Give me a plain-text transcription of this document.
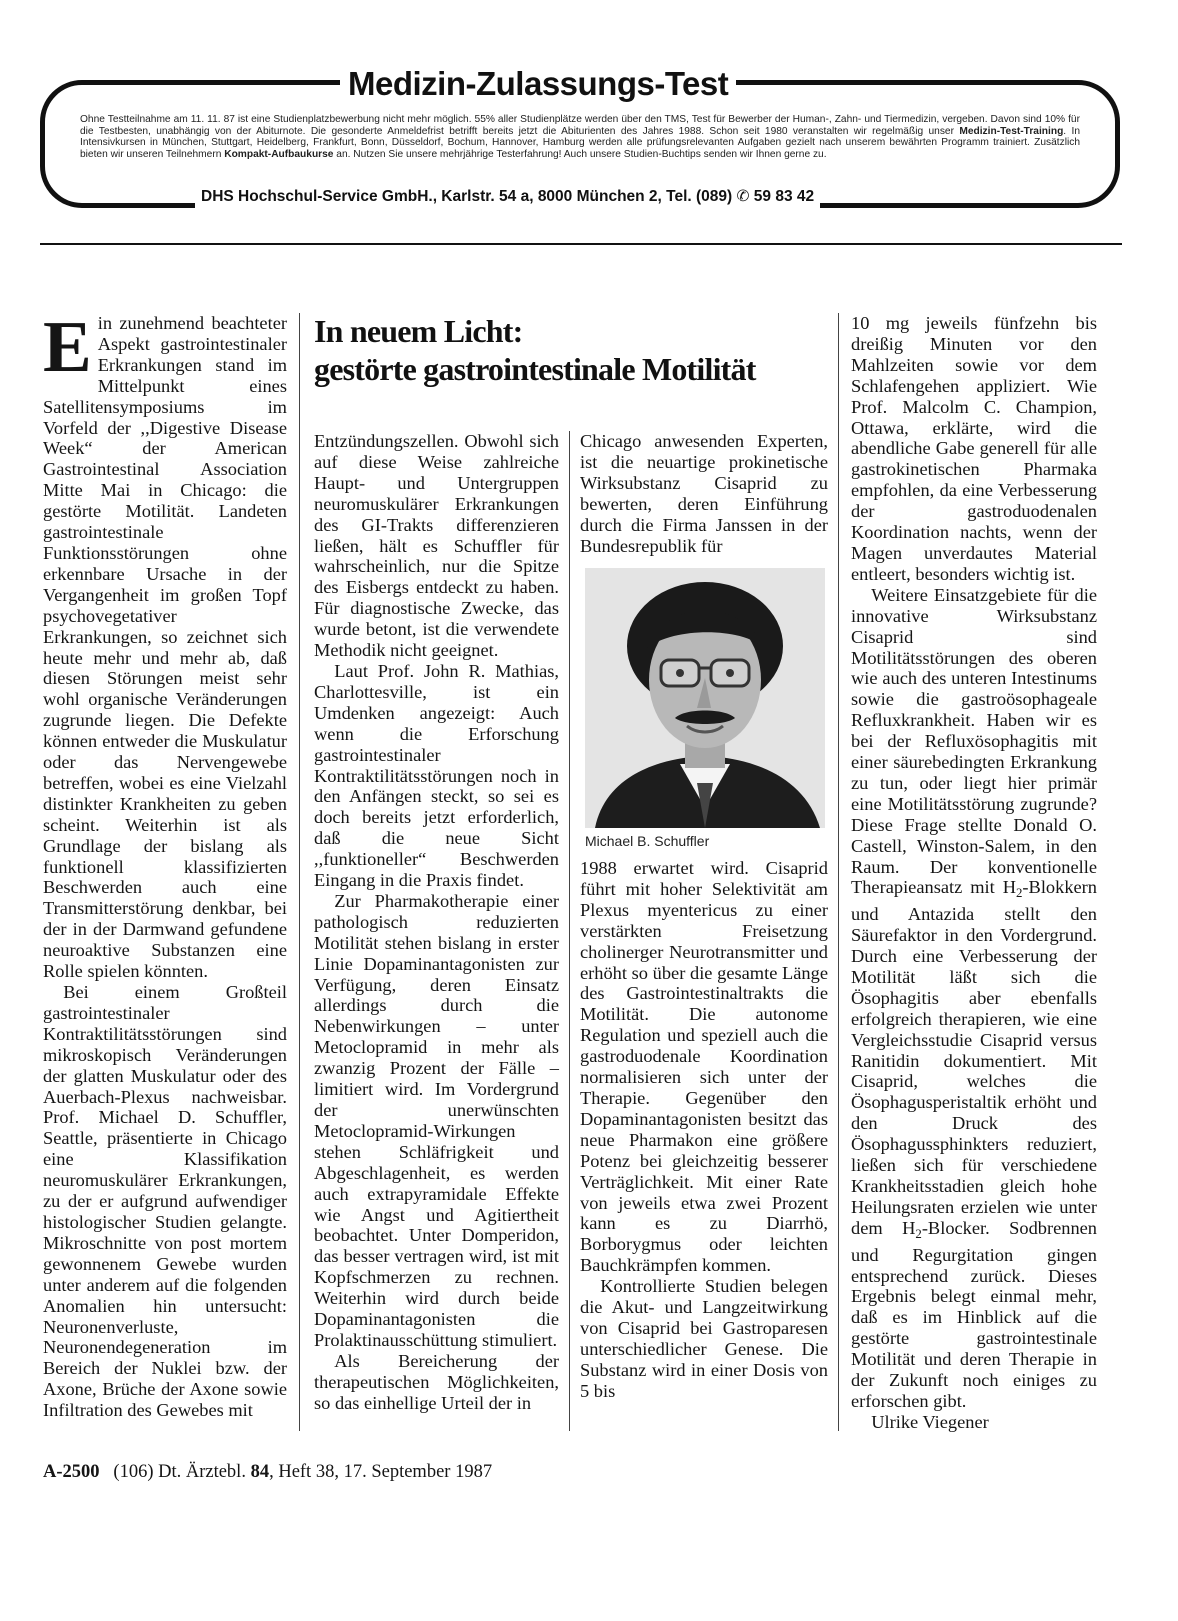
Medizin-Zulassungs-Test

Ohne Testteilnahme am 11. 11. 87 ist eine Studienplatzbewerbung nicht mehr möglich. 55% aller Studienplätze werden über den TMS, Test für Bewerber der Human-, Zahn- und Tiermedizin, vergeben. Davon sind 10% für die Testbesten, unabhängig von der Abiturnote. Die gesonderte Anmeldefrist betrifft bereits jetzt die Abiturienten des Jahres 1988. Schon seit 1980 veranstalten wir regelmäßig unser Medizin-Test-Training. In Intensivkursen in München, Stuttgart, Heidelberg, Frankfurt, Bonn, Düsseldorf, Bochum, Hannover, Hamburg werden alle prüfungsrelevanten Aufgaben gezielt nach unserem bewährten Programm trainiert. Zusätzlich bieten wir unseren Teilnehmern Kompakt-Aufbaukurse an. Nutzen Sie unsere mehrjährige Testerfahrung! Auch unsere Studien-Buchtips senden wir Ihnen gerne zu.

DHS Hochschul-Service GmbH., Karlstr. 54 a, 8000 München 2, Tel. (089) ✆ 59 83 42

Ein zunehmend beachteter Aspekt gastrointestinaler Erkrankungen stand im Mittelpunkt eines Satellitensymposiums im Vorfeld der ,,Digestive Disease Week“ der American Gastrointestinal Association Mitte Mai in Chicago: die gestörte Motilität. Landeten gastrointestinale Funktionsstörungen ohne erkennbare Ursache in der Vergangenheit im großen Topf psychovegetativer Erkrankungen, so zeichnet sich heute mehr und mehr ab, daß diesen Störungen meist sehr wohl organische Veränderungen zugrunde liegen. Die Defekte können entweder die Muskulatur oder das Nervengewebe betreffen, wobei es eine Vielzahl distinkter Krankheiten zu geben scheint. Weiterhin ist als Grundlage der bislang als funktionell klassifizierten Beschwerden auch eine Transmitterstörung denkbar, bei der in der Darmwand gefundene neuroaktive Substanzen eine Rolle spielen könnten.

Bei einem Großteil gastrointestinaler Kontraktilitätsstörungen sind mikroskopisch Veränderungen der glatten Muskulatur oder des Auerbach-Plexus nachweisbar. Prof. Michael D. Schuffler, Seattle, präsentierte in Chicago eine Klassifikation neuromuskulärer Erkrankungen, zu der er aufgrund aufwendiger histologischer Studien gelangte. Mikroschnitte von post mortem gewonnenem Gewebe wurden unter anderem auf die folgenden Anomalien hin untersucht: Neuronenverluste, Neuronendegeneration im Bereich der Nuklei bzw. der Axone, Brüche der Axone sowie Infiltration des Gewebes mit

In neuem Licht:
gestörte gastrointestinale Motilität

Entzündungszellen. Obwohl sich auf diese Weise zahlreiche Haupt- und Untergruppen neuromuskulärer Erkrankungen des GI-Trakts differenzieren ließen, hält es Schuffler für wahrscheinlich, nur die Spitze des Eisbergs entdeckt zu haben. Für diagnostische Zwecke, das wurde betont, ist die verwendete Methodik nicht geeignet.

Laut Prof. John R. Mathias, Charlottesville, ist ein Umdenken angezeigt: Auch wenn die Erforschung gastrointestinaler Kontraktilitätsstörungen noch in den Anfängen steckt, so sei es doch bereits jetzt erforderlich, daß die neue Sicht ,,funktioneller“ Beschwerden Eingang in die Praxis findet.

Zur Pharmakotherapie einer pathologisch reduzierten Motilität stehen bislang in erster Linie Dopaminantagonisten zur Verfügung, deren Einsatz allerdings durch die Nebenwirkungen – unter Metoclopramid in mehr als zwanzig Prozent der Fälle – limitiert wird. Im Vordergrund der unerwünschten Metoclopramid-Wirkungen stehen Schläfrigkeit und Abgeschlagenheit, es werden auch extrapyramidale Effekte wie Angst und Agitiertheit beobachtet. Unter Domperidon, das besser vertragen wird, ist mit Kopfschmerzen zu rechnen. Weiterhin wird durch beide Dopaminantagonisten die Prolaktinausschüttung stimuliert.

Als Bereicherung der therapeutischen Möglichkeiten, so das einhellige Urteil der in

Chicago anwesenden Experten, ist die neuartige prokinetische Wirksubstanz Cisaprid zu bewerten, deren Einführung durch die Firma Janssen in der Bundesrepublik für

Michael B. Schuffler

1988 erwartet wird. Cisaprid führt mit hoher Selektivität am Plexus myentericus zu einer verstärkten Freisetzung cholinerger Neurotransmitter und erhöht so über die gesamte Länge des Gastrointestinaltrakts die Motilität. Die autonome Regulation und speziell auch die gastroduodenale Koordination normalisieren sich unter der Therapie. Gegenüber den Dopaminantagonisten besitzt das neue Pharmakon eine größere Potenz bei gleichzeitig besserer Verträglichkeit. Mit einer Rate von jeweils etwa zwei Prozent kann es zu Diarrhö, Borborygmus oder leichten Bauchkrämpfen kommen.

Kontrollierte Studien belegen die Akut- und Langzeitwirkung von Cisaprid bei Gastroparesen unterschiedlicher Genese. Die Substanz wird in einer Dosis von 5 bis

10 mg jeweils fünfzehn bis dreißig Minuten vor den Mahlzeiten sowie vor dem Schlafengehen appliziert. Wie Prof. Malcolm C. Champion, Ottawa, erklärte, wird die abendliche Gabe generell für alle gastrokinetischen Pharmaka empfohlen, da eine Verbesserung der gastroduodenalen Koordination nachts, wenn der Magen unverdautes Material entleert, besonders wichtig ist.

Weitere Einsatzgebiete für die innovative Wirksubstanz Cisaprid sind Motilitätsstörungen des oberen wie auch des unteren Intestinums sowie die gastroösophageale Refluxkrankheit. Haben wir es bei der Refluxösophagitis mit einer säurebedingten Erkrankung zu tun, oder liegt hier primär eine Motilitätsstörung zugrunde? Diese Frage stellte Donald O. Castell, Winston-Salem, in den Raum. Der konventionelle Therapieansatz mit $H_2$-Blokkern und Antazida stellt den Säurefaktor in den Vordergrund. Durch eine Verbesserung der Motilität läßt sich die Ösophagitis aber ebenfalls erfolgreich therapieren, wie eine Vergleichsstudie Cisaprid versus Ranitidin dokumentiert. Mit Cisaprid, welches die Ösophagusperistaltik erhöht und den Druck des Ösophagussphinkters reduziert, ließen sich für verschiedene Krankheitsstadien gleich hohe Heilungsraten erzielen wie unter dem $H_2$-Blocker. Sodbrennen und Regurgitation gingen entsprechend zurück. Dieses Ergebnis belegt einmal mehr, daß es im Hinblick auf die gestörte gastrointestinale Motilität und deren Therapie in der Zukunft noch einiges zu erforschen gibt.

Ulrike Viegener

A-2500 (106) Dt. Ärztebl. 84, Heft 38, 17. September 1987
